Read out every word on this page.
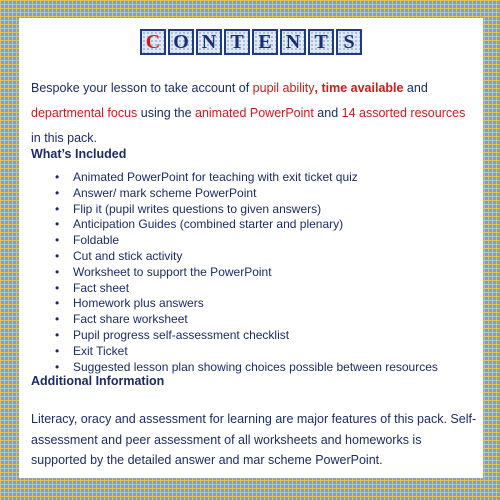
C O N T E N T S

Bespoke your lesson to take account of pupil ability, time available and departmental focus using the animated PowerPoint and 14 assorted resources in this pack.

What’s Included
• Animated PowerPoint for teaching with exit ticket quiz
• Answer/ mark scheme PowerPoint
• Flip it (pupil writes questions to given answers)
• Anticipation Guides (combined starter and plenary)
• Foldable
• Cut and stick activity
• Worksheet to support the PowerPoint
• Fact sheet
• Homework plus answers
• Fact share worksheet
• Pupil progress self-assessment checklist
• Exit Ticket
• Suggested lesson plan showing choices possible between resources
Additional Information

Literacy, oracy and assessment for learning are major features of this pack. Self-assessment and peer assessment of all worksheets and homeworks is supported by the detailed answer and mar scheme PowerPoint.
